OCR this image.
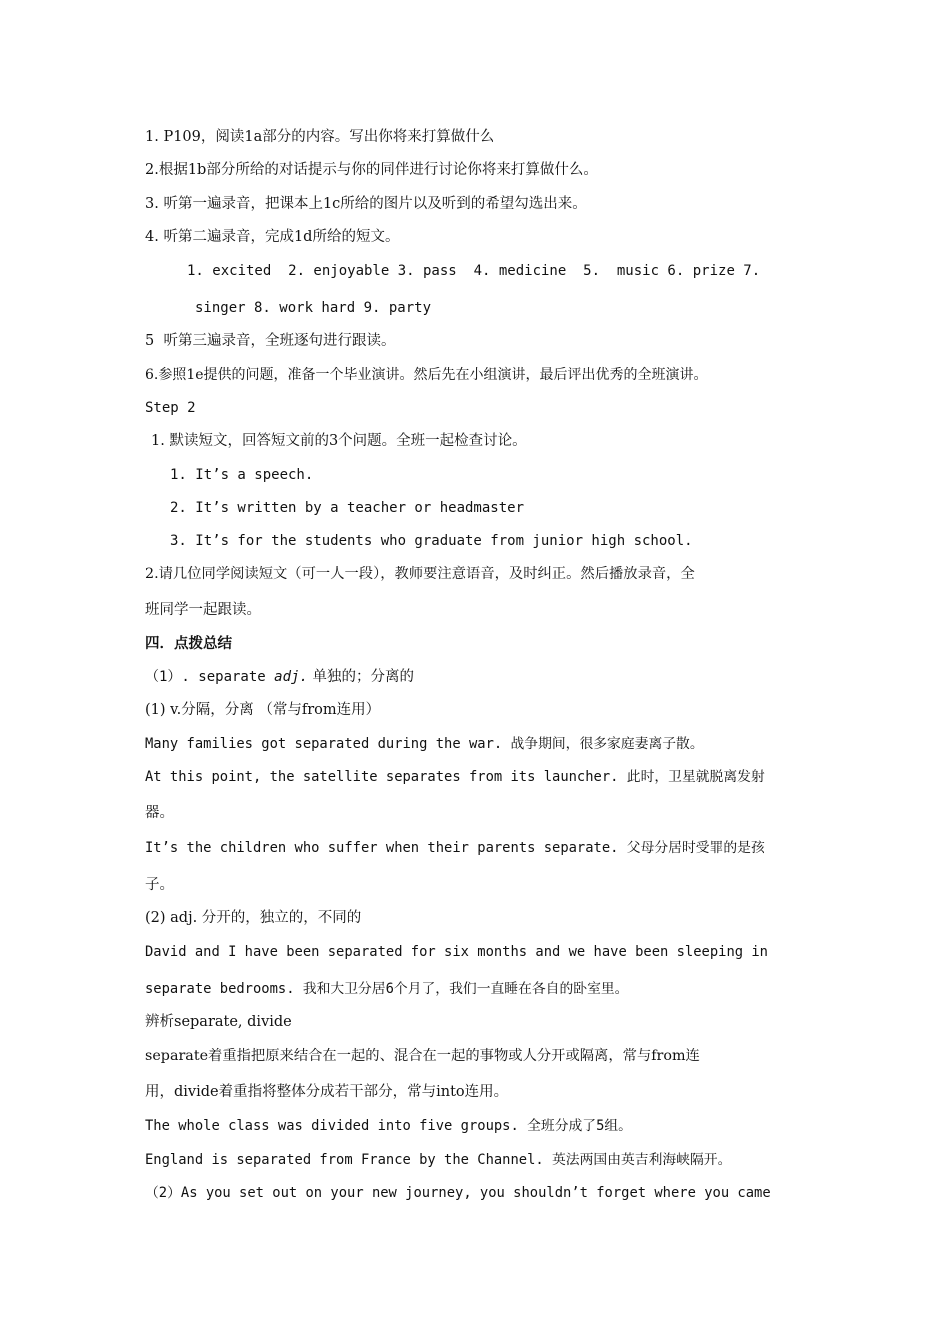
1. P109，阅读1a部分的内容。写出你将来打算做什么
2.根据1b部分所给的对话提示与你的同伴进行讨论你将来打算做什么。
3. 听第一遍录音，把课本上1c所给的图片以及听到的希望勾选出来。
4. 听第二遍录音，完成1d所给的短文。
1. excited  2. enjoyable 3. pass  4. medicine  5.  music 6. prize 7.
singer 8. work hard 9. party
5  听第三遍录音，全班逐句进行跟读。
6.参照1e提供的问题，准备一个毕业演讲。然后先在小组演讲，最后评出优秀的全班演讲。
Step 2
1. 默读短文，回答短文前的3个问题。全班一起检查讨论。
1. It’s a speech.
2. It’s written by a teacher or headmaster
3. It’s for the students who graduate from junior high school.
2.请几位同学阅读短文（可一人一段），教师要注意语音，及时纠正。然后播放录音，全
班同学一起跟读。
四．点拨总结
（1）. separate adj. 单独的；分离的
(1) v.分隔，分离 （常与from连用）
Many families got separated during the war. 战争期间，很多家庭妻离子散。
At this point, the satellite separates from its launcher. 此时，卫星就脱离发射
器。
It’s the children who suffer when their parents separate. 父母分居时受罪的是孩
子。
(2) adj. 分开的，独立的，不同的
David and I have been separated for six months and we have been sleeping in
separate bedrooms. 我和大卫分居6个月了，我们一直睡在各自的卧室里。
辨析separate, divide
separate着重指把原来结合在一起的、混合在一起的事物或人分开或隔离，常与from连
用，divide着重指将整体分成若干部分，常与into连用。
The whole class was divided into five groups. 全班分成了5组。
England is separated from France by the Channel. 英法两国由英吉利海峡隔开。
（2）As you set out on your new journey, you shouldn’t forget where you came
